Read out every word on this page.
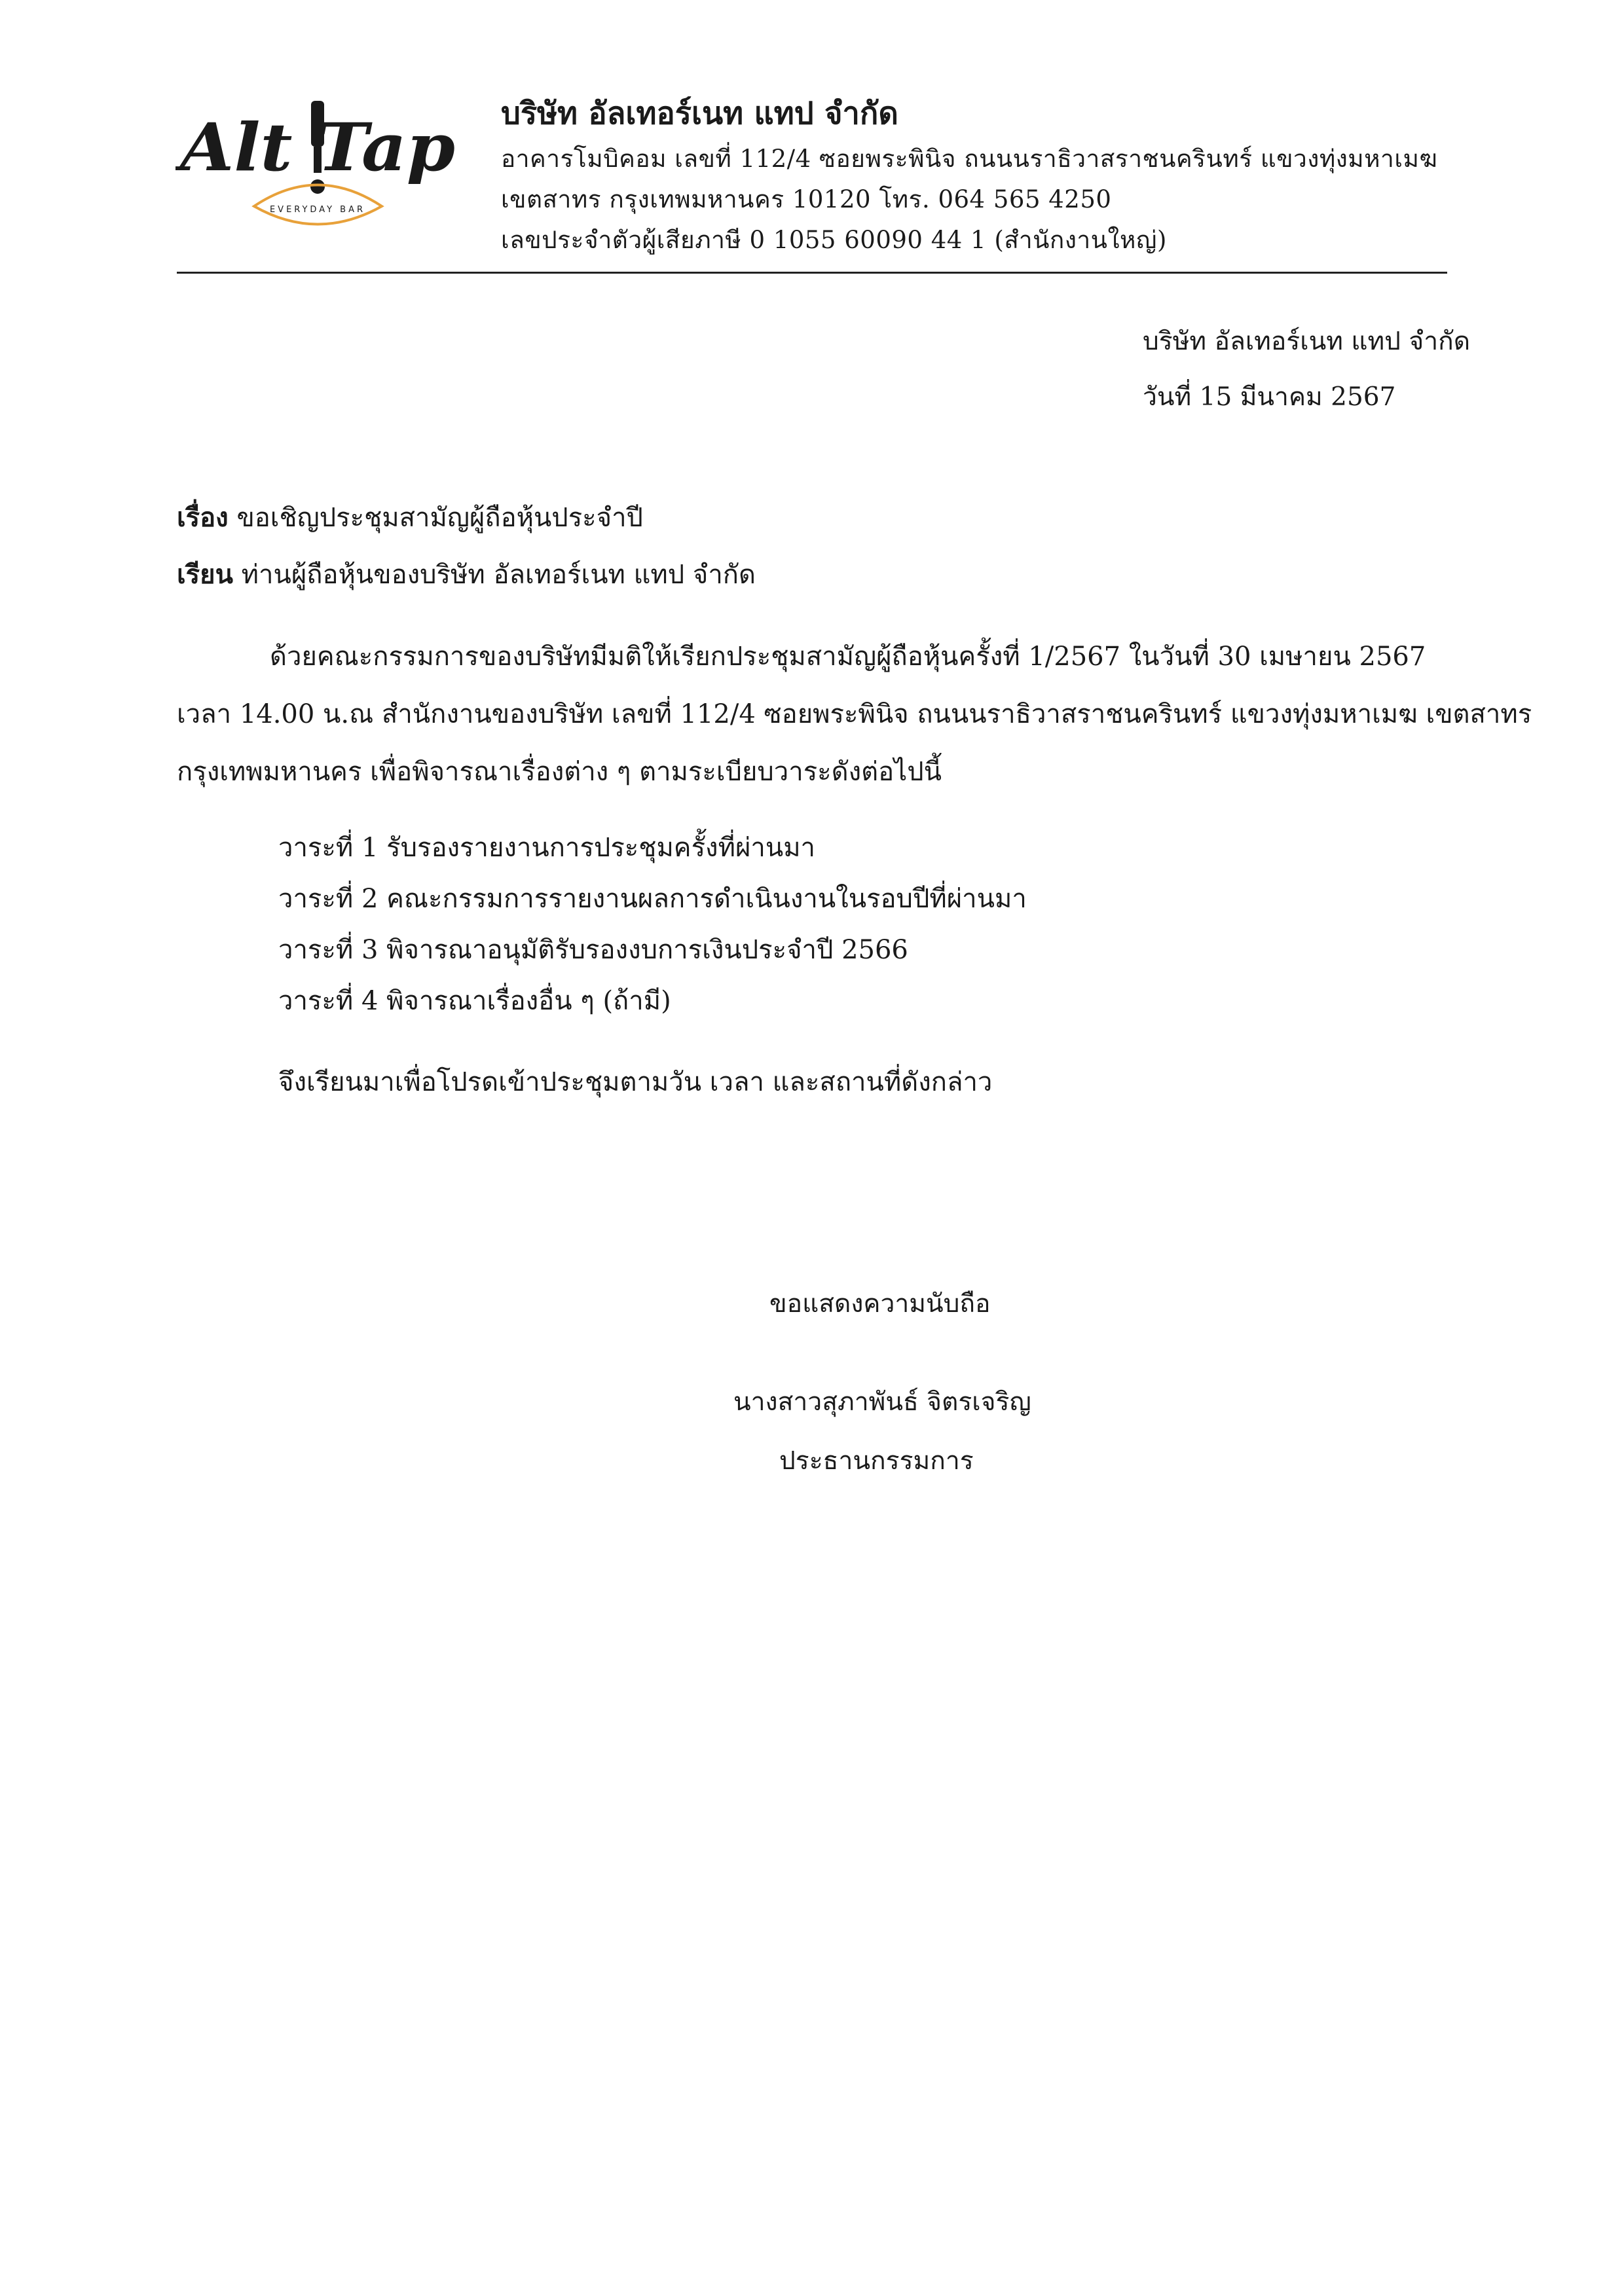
Alt Tap
EVERYDAY BAR
บริษัท อัลเทอร์เนท แทป จำกัด
อาคารโมบิคอม เลขที่ 112/4 ซอยพระพินิจ ถนนนราธิวาสราชนครินทร์ แขวงทุ่งมหาเมฆ
เขตสาทร กรุงเทพมหานคร 10120 โทร. 064 565 4250
เลขประจำตัวผู้เสียภาษี 0 1055 60090 44 1 (สำนักงานใหญ่)
บริษัท อัลเทอร์เนท แทป จำกัด
วันที่ 15 มีนาคม 2567
เรื่อง ขอเชิญประชุมสามัญผู้ถือหุ้นประจำปี
เรียน ท่านผู้ถือหุ้นของบริษัท อัลเทอร์เนท แทป จำกัด
ด้วยคณะกรรมการของบริษัทมีมติให้เรียกประชุมสามัญผู้ถือหุ้นครั้งที่ 1/2567 ในวันที่ 30 เมษายน 2567
เวลา 14.00 น.ณ สำนักงานของบริษัท เลขที่ 112/4 ซอยพระพินิจ ถนนนราธิวาสราชนครินทร์ แขวงทุ่งมหาเมฆ เขตสาทร
กรุงเทพมหานคร เพื่อพิจารณาเรื่องต่าง ๆ ตามระเบียบวาระดังต่อไปนี้
วาระที่ 1 รับรองรายงานการประชุมครั้งที่ผ่านมา
วาระที่ 2 คณะกรรมการรายงานผลการดำเนินงานในรอบปีที่ผ่านมา
วาระที่ 3 พิจารณาอนุมัติรับรองงบการเงินประจำปี 2566
วาระที่ 4 พิจารณาเรื่องอื่น ๆ (ถ้ามี)
จึงเรียนมาเพื่อโปรดเข้าประชุมตามวัน เวลา และสถานที่ดังกล่าว
ขอแสดงความนับถือ
นางสาวสุภาพันธ์ จิตรเจริญ
ประธานกรรมการ
